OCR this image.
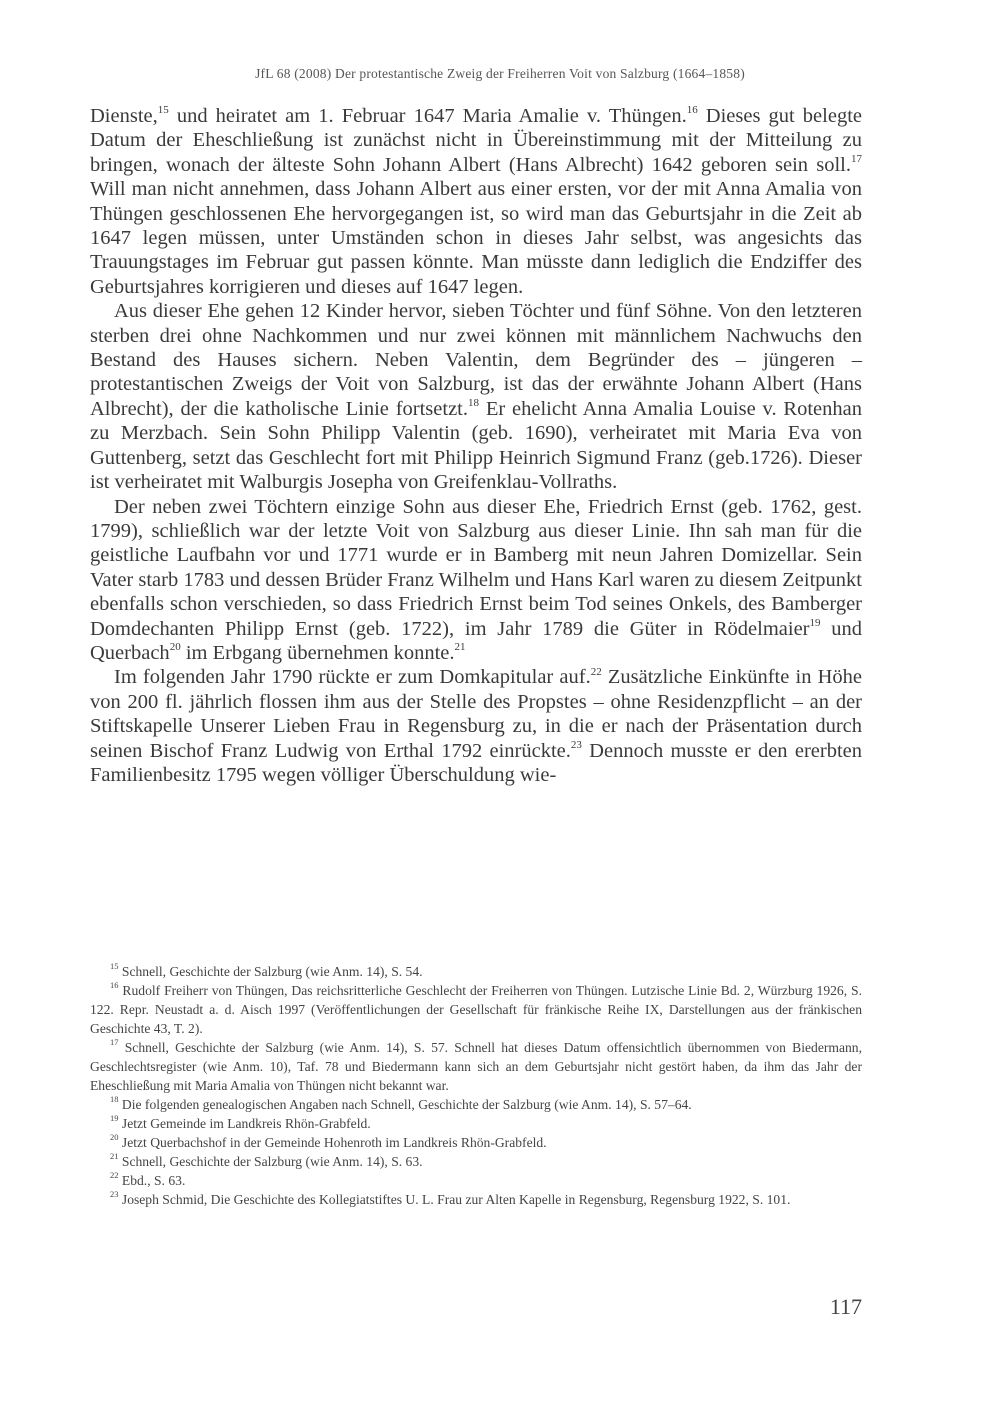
JfL 68 (2008) Der protestantische Zweig der Freiherren Voit von Salzburg (1664–1858)

Dienste,$^{15}$ und heiratet am 1. Februar 1647 Maria Amalie v. Thüngen.$^{16}$ Dieses gut belegte Datum der Eheschließung ist zunächst nicht in Übereinstimmung mit der Mitteilung zu bringen, wonach der älteste Sohn Johann Albert (Hans Albrecht) 1642 geboren sein soll.$^{17}$ Will man nicht annehmen, dass Johann Albert aus einer ersten, vor der mit Anna Amalia von Thüngen geschlossenen Ehe hervorgegangen ist, so wird man das Geburtsjahr in die Zeit ab 1647 legen müssen, unter Umständen schon in dieses Jahr selbst, was angesichts das Trauungstages im Februar gut passen könnte. Man müsste dann lediglich die Endziffer des Geburtsjahres korrigieren und dieses auf 1647 legen.

Aus dieser Ehe gehen 12 Kinder hervor, sieben Töchter und fünf Söhne. Von den letzteren sterben drei ohne Nachkommen und nur zwei können mit männlichem Nachwuchs den Bestand des Hauses sichern. Neben Valentin, dem Begründer des – jüngeren – protestantischen Zweigs der Voit von Salzburg, ist das der erwähnte Johann Albert (Hans Albrecht), der die katholische Linie fortsetzt.$^{18}$ Er ehelicht Anna Amalia Louise v. Rotenhan zu Merzbach. Sein Sohn Philipp Valentin (geb. 1690), verheiratet mit Maria Eva von Guttenberg, setzt das Geschlecht fort mit Philipp Heinrich Sigmund Franz (geb.1726). Dieser ist verheiratet mit Walburgis Josepha von Greifenklau-Vollraths.

Der neben zwei Töchtern einzige Sohn aus dieser Ehe, Friedrich Ernst (geb. 1762, gest. 1799), schließlich war der letzte Voit von Salzburg aus dieser Linie. Ihn sah man für die geistliche Laufbahn vor und 1771 wurde er in Bamberg mit neun Jahren Domizellar. Sein Vater starb 1783 und dessen Brüder Franz Wilhelm und Hans Karl waren zu diesem Zeitpunkt ebenfalls schon verschieden, so dass Friedrich Ernst beim Tod seines Onkels, des Bamberger Domdechanten Philipp Ernst (geb. 1722), im Jahr 1789 die Güter in Rödelmaier$^{19}$ und Querbach$^{20}$ im Erbgang übernehmen konnte.$^{21}$

Im folgenden Jahr 1790 rückte er zum Domkapitular auf.$^{22}$ Zusätzliche Einkünfte in Höhe von 200 fl. jährlich flossen ihm aus der Stelle des Propstes – ohne Residenzpflicht – an der Stiftskapelle Unserer Lieben Frau in Regensburg zu, in die er nach der Präsentation durch seinen Bischof Franz Ludwig von Erthal 1792 einrückte.$^{23}$ Dennoch musste er den ererbten Familienbesitz 1795 wegen völliger Überschuldung wie-

$^{15}$ Schnell, Geschichte der Salzburg (wie Anm. 14), S. 54.

$^{16}$ Rudolf Freiherr von Thüngen, Das reichsritterliche Geschlecht der Freiherren von Thüngen. Lutzische Linie Bd. 2, Würzburg 1926, S. 122. Repr. Neustadt a. d. Aisch 1997 (Veröffentlichungen der Gesellschaft für fränkische Reihe IX, Darstellungen aus der fränkischen Geschichte 43, T. 2).

$^{17}$ Schnell, Geschichte der Salzburg (wie Anm. 14), S. 57. Schnell hat dieses Datum offensichtlich übernommen von Biedermann, Geschlechtsregister (wie Anm. 10), Taf. 78 und Biedermann kann sich an dem Geburtsjahr nicht gestört haben, da ihm das Jahr der Eheschließung mit Maria Amalia von Thüngen nicht bekannt war.

$^{18}$ Die folgenden genealogischen Angaben nach Schnell, Geschichte der Salzburg (wie Anm. 14), S. 57–64.

$^{19}$ Jetzt Gemeinde im Landkreis Rhön-Grabfeld.

$^{20}$ Jetzt Querbachshof in der Gemeinde Hohenroth im Landkreis Rhön-Grabfeld.

$^{21}$ Schnell, Geschichte der Salzburg (wie Anm. 14), S. 63.

$^{22}$ Ebd., S. 63.

$^{23}$ Joseph Schmid, Die Geschichte des Kollegiatstiftes U. L. Frau zur Alten Kapelle in Regensburg, Regensburg 1922, S. 101.

117
